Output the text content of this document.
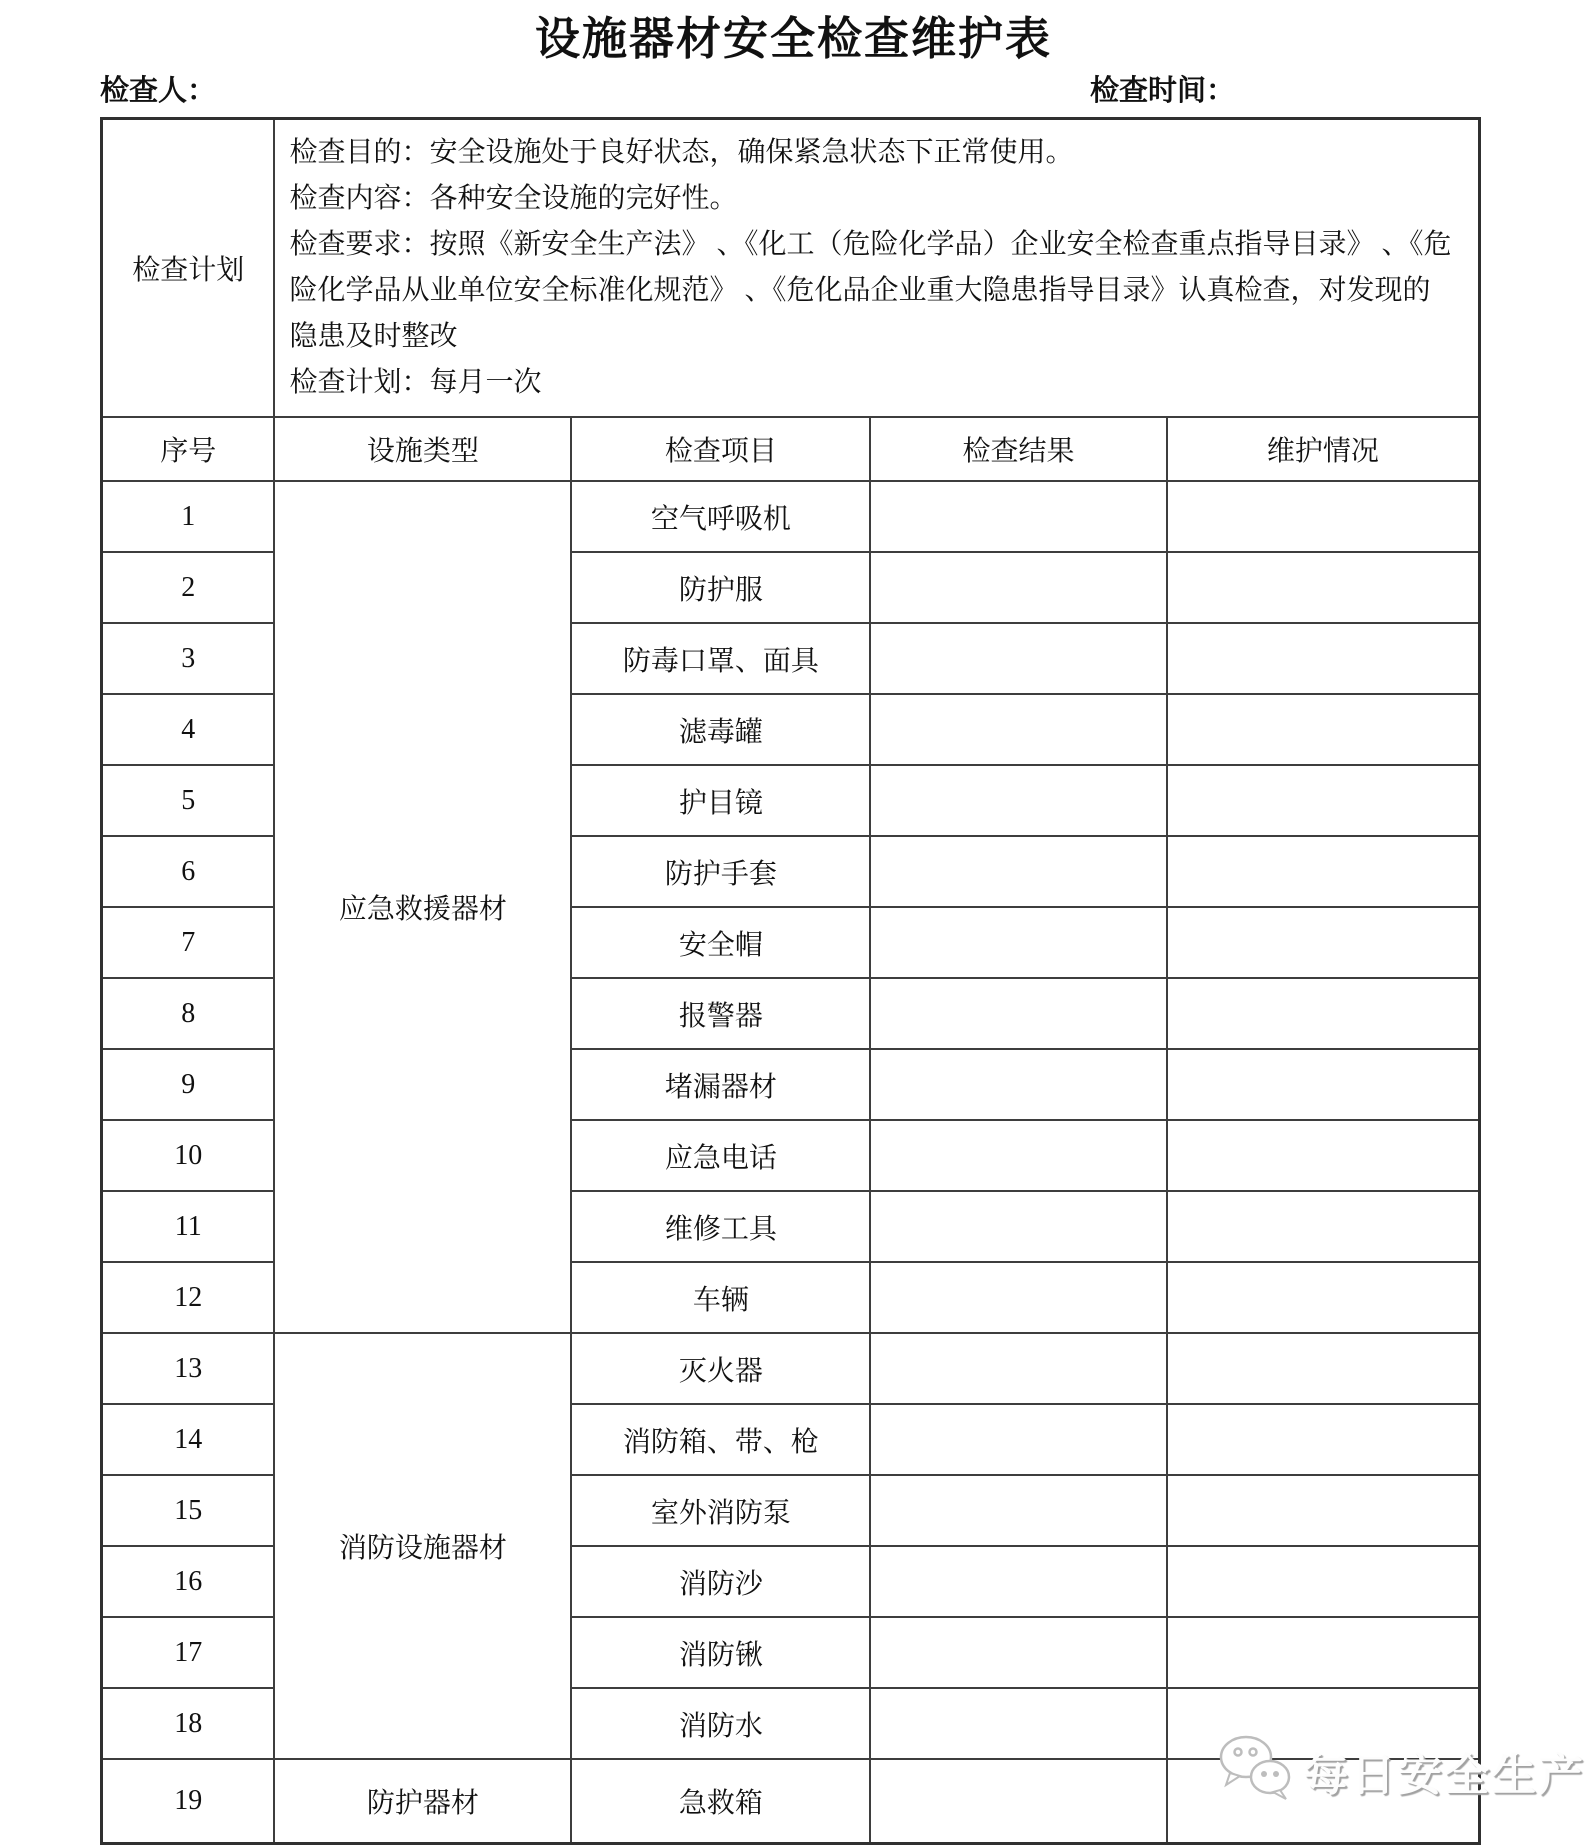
设施器材安全检查维护表
检查人：	检查时间：
检查计划	
检查目的：安全设施处于良好状态，确保紧急状态下正常使用。
检查内容：各种安全设施的完好性。
检查要求：按照《新安全生产法》 、《化工（危险化学品）企业安全检查重点指导目录》 、《危
险化学品从业单位安全标准化规范》 、《危化品企业重大隐患指导目录》认真检查，对发现的
隐患及时整改
检查计划：每月一次

序号	设施类型	检查项目	检查结果	维护情况
1	应急救援器材	空气呼吸机		
2		防护服		
3		防毒口罩、面具		
4		滤毒罐		
5		护目镜		
6		防护手套		
7		安全帽		
8		报警器		
9		堵漏器材		
10		应急电话		
11		维修工具		
12		车辆		
13	消防设施器材	灭火器		
14		消防箱、带、枪		
15		室外消防泵		
16		消防沙		
17		消防锹		
18		消防水		
19	防护器材	急救箱		
每日安全生产
